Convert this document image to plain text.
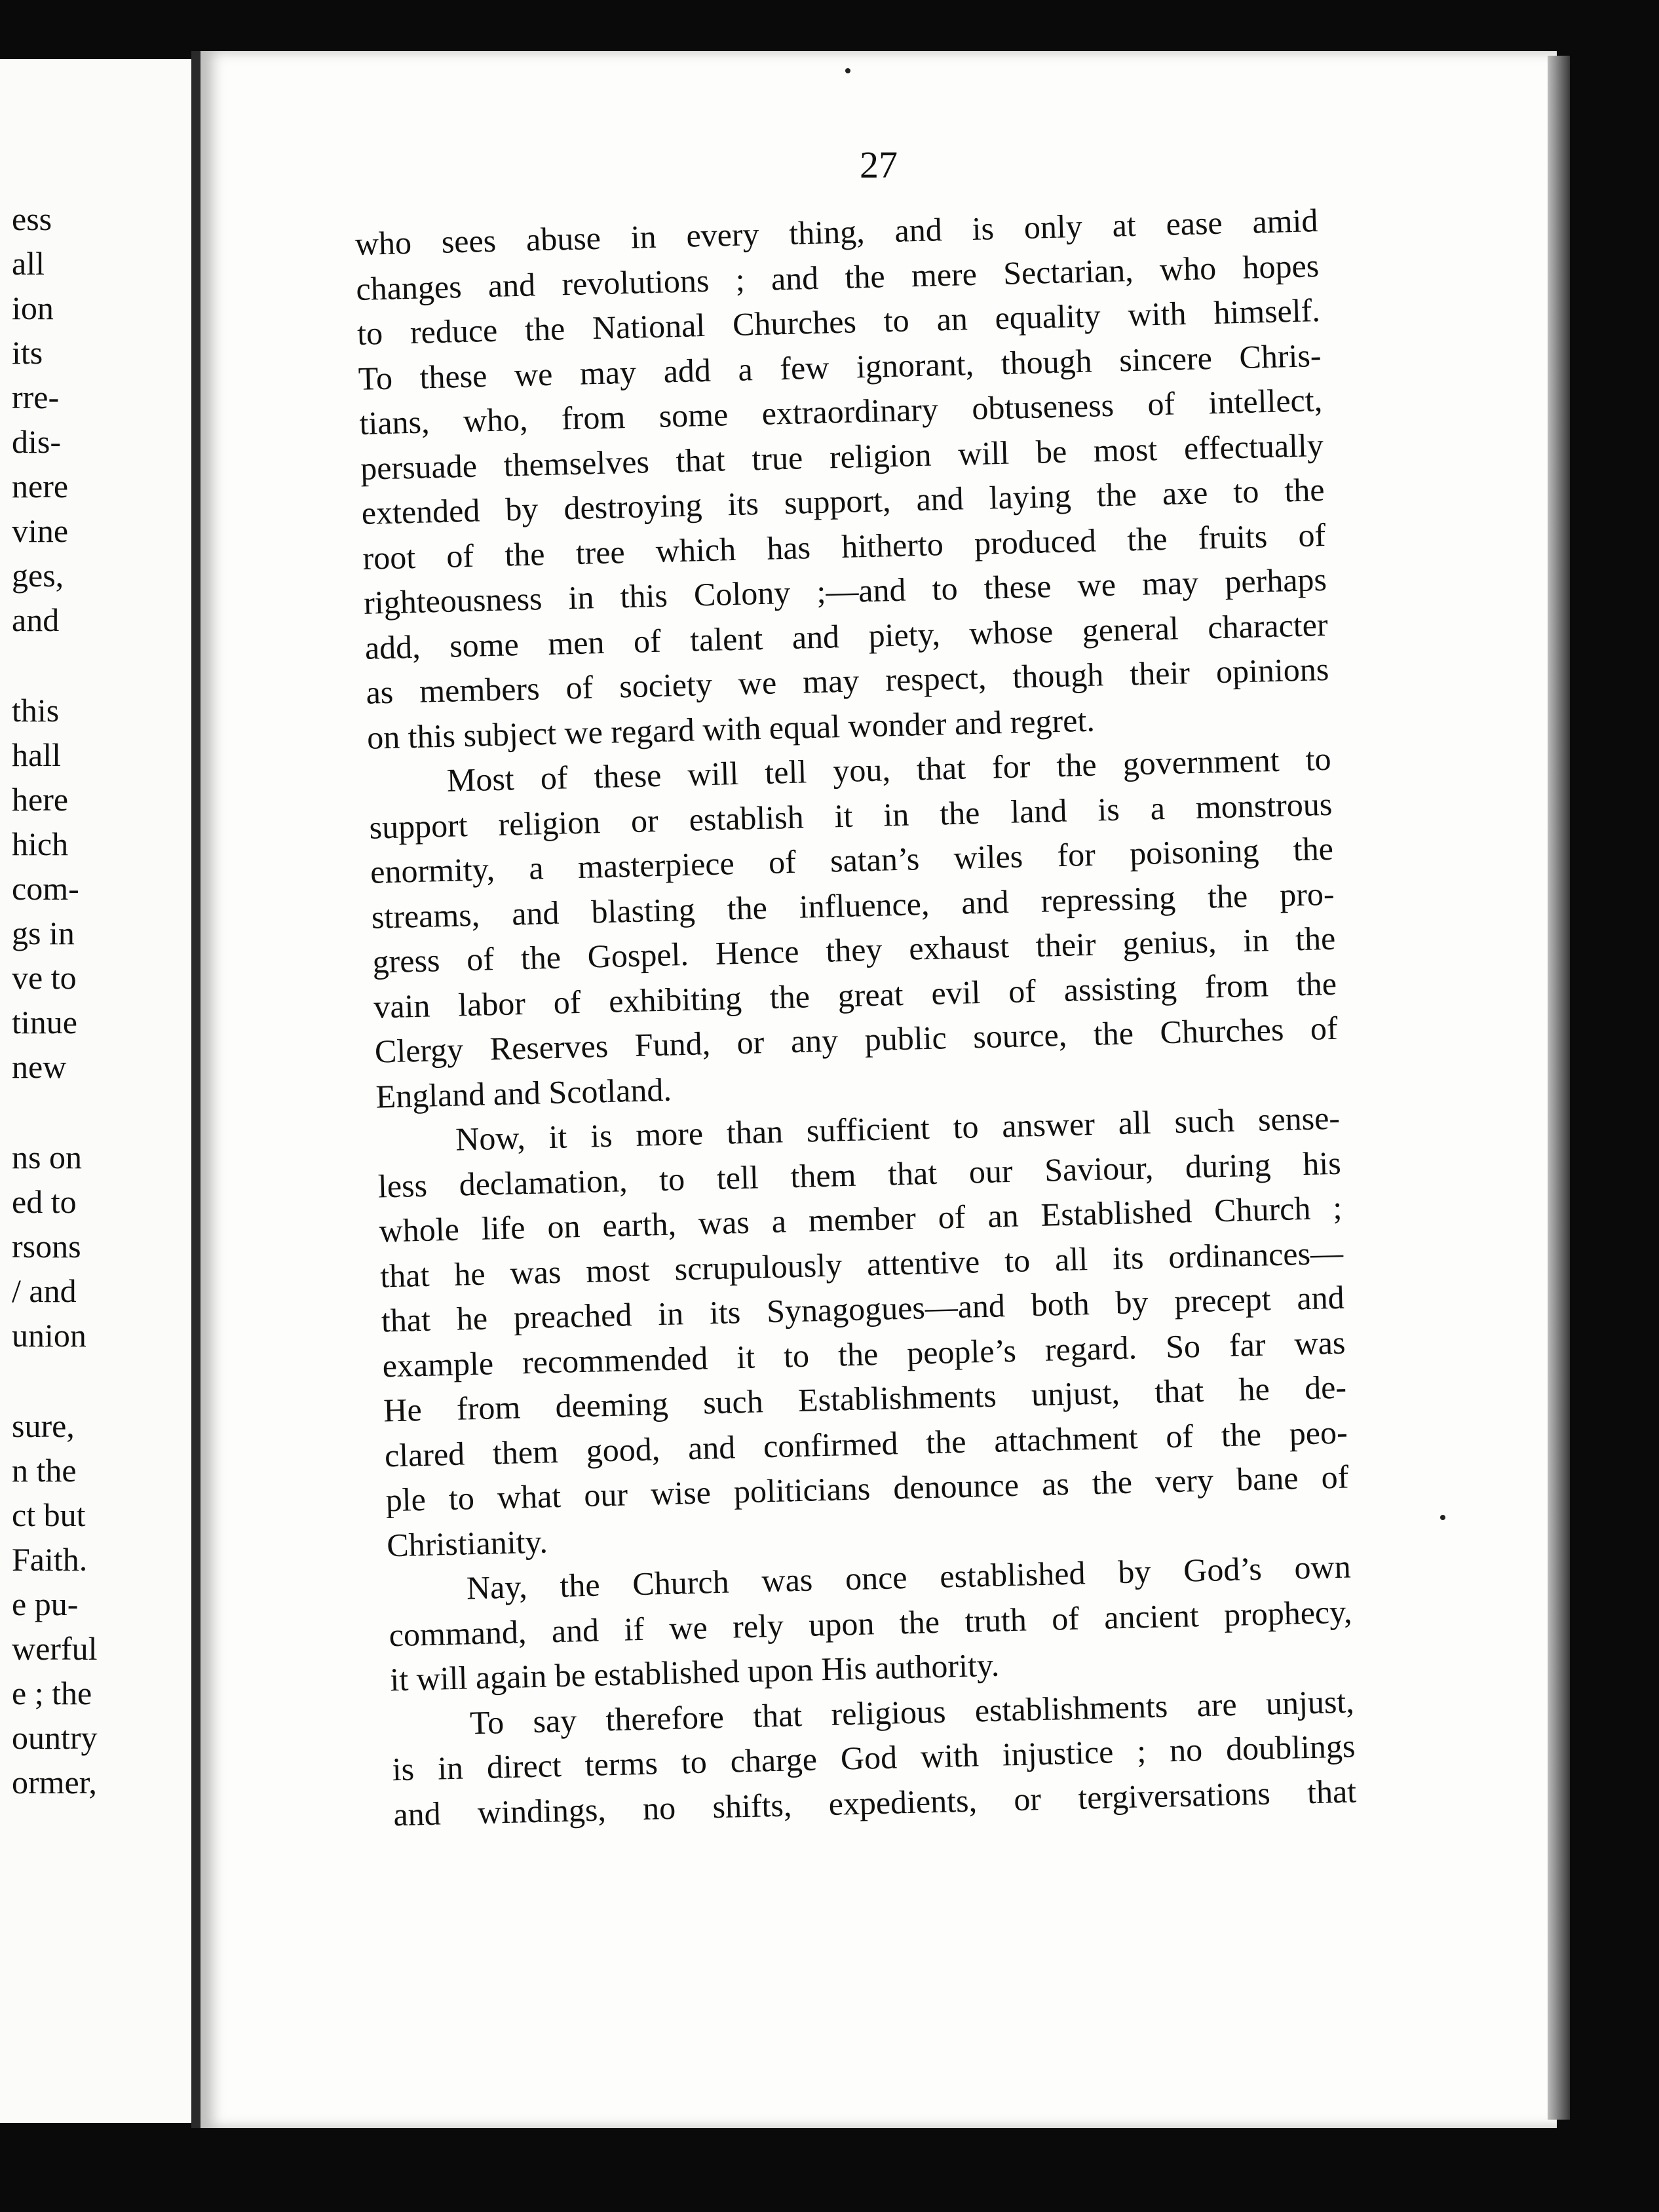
ess
all
ion
its
rre-
dis-
nere
vine
ges,
and
this
hall
here
hich
com-
gs in
ve to
tinue
new
ns on
ed to
rsons
/ and
union
sure,
n the
ct but
Faith.
e pu-
werful
e ; the
ountry
ormer,
27
who sees abuse in every thing, and is only at ease amid
changes and revolutions ; and the mere Sectarian, who hopes
to reduce the National Churches to an equality with himself.
To these we may add a few ignorant, though sincere Chris-
tians, who, from some extraordinary obtuseness of intellect,
persuade themselves that true religion will be most effectually
extended by destroying its support, and laying the axe to the
root of the tree which has hitherto produced the fruits of
righteousness in this Colony ;—and to these we may perhaps
add, some men of talent and piety, whose general character
as members of society we may respect, though their opinions
on this subject we regard with equal wonder and regret.
Most of these will tell you, that for the government to
support religion or establish it in the land is a monstrous
enormity, a masterpiece of satan’s wiles for poisoning the
streams, and blasting the influence, and repressing the pro-
gress of the Gospel. Hence they exhaust their genius, in the
vain labor of exhibiting the great evil of assisting from the
Clergy Reserves Fund, or any public source, the Churches of
England and Scotland.
Now, it is more than sufficient to answer all such sense-
less declamation, to tell them that our Saviour, during his
whole life on earth, was a member of an Established Church ;
that he was most scrupulously attentive to all its ordinances—
that he preached in its Synagogues—and both by precept and
example recommended it to the people’s regard. So far was
He from deeming such Establishments unjust, that he de-
clared them good, and confirmed the attachment of the peo-
ple to what our wise politicians denounce as the very bane of
Christianity.
Nay, the Church was once established by God’s own
command, and if we rely upon the truth of ancient prophecy,
it will again be established upon His authority.
To say therefore that religious establishments are unjust,
is in direct terms to charge God with injustice ; no doublings
and windings, no shifts, expedients, or tergiversations that
